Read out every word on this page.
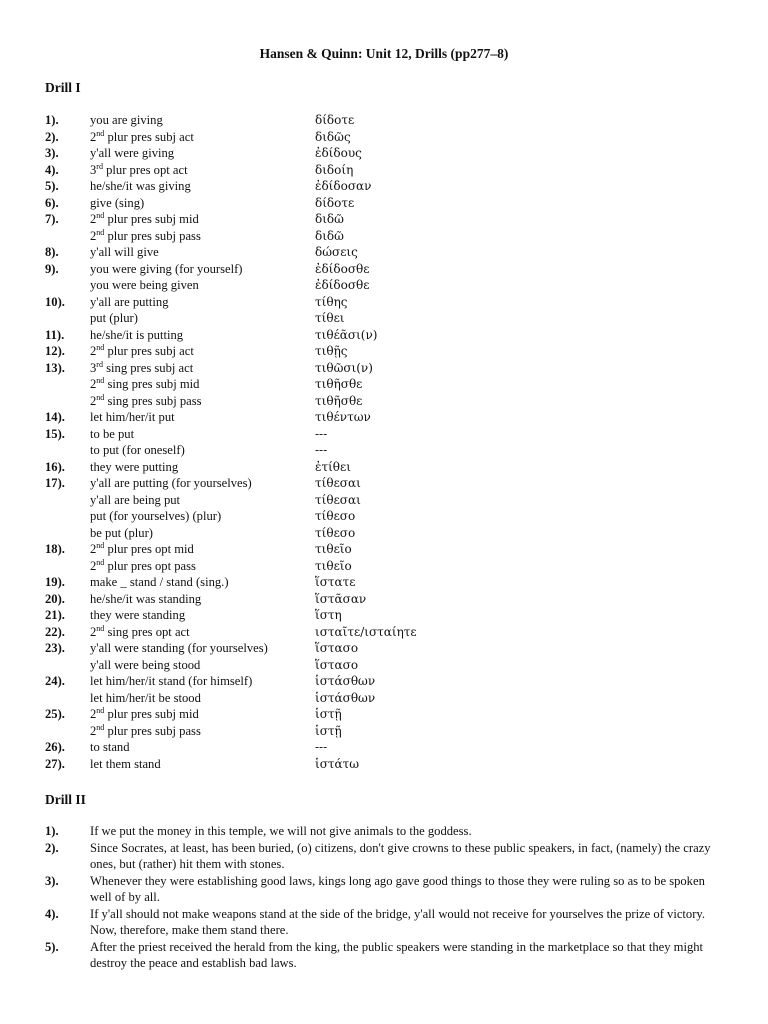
Hansen & Quinn: Unit 12, Drills (pp277–8)
Drill I
1).	you are giving	δίδοτε
2).	2nd plur pres subj act	διδῶς
3).	y'all were giving	ἐδίδους
4).	3rd plur pres opt act	διδοίη
5).	he/she/it was giving	ἐδίδοσαν
6).	give (sing)	δίδοτε
7).	2nd plur pres subj mid	διδῶ
2nd plur pres subj pass	διδῶ
8).	y'all will give	δώσεις
9).	you were giving (for yourself)	ἐδίδοσθε
you were being given	ἐδίδοσθε
10).	y'all are putting	τίθης
put (plur)	τίθει
11).	he/she/it is putting	τιθέᾶσι(ν)
12).	2nd plur pres subj act	τιθῇς
13).	3rd sing pres subj act	τιθῶσι(ν)
2nd sing pres subj mid	τιθῆσθε
2nd sing pres subj pass	τιθῆσθε
14).	let him/her/it put	τιθέντων
15).	to be put	---
to put (for oneself)	---
16).	they were putting	ἐτίθει
17).	y'all are putting (for yourselves)	τίθεσαι
y'all are being put	τίθεσαι
put (for yourselves) (plur)	τίθεσο
be put (plur)	τίθεσο
18).	2nd plur pres opt mid	τιθεῖο
2nd plur pres opt pass	τιθεῖο
19).	make _ stand / stand (sing.)	ἵστατε
20).	he/she/it was standing	ἵστᾶσαν
21).	they were standing	ἵστη
22).	2nd sing pres opt act	ισταῖτε/ισταίητε
23).	y'all were standing (for yourselves)	ἵστασο
y'all were being stood	ἵστασο
24).	let him/her/it stand (for himself)	ἱστάσθων
let him/her/it be stood	ἱστάσθων
25).	2nd plur pres subj mid	ἱστῇ
2nd plur pres subj pass	ἱστῇ
26).	to stand	---
27).	let them stand	ἱστάτω
Drill II
1). If we put the money in this temple, we will not give animals to the goddess.
2). Since Socrates, at least, has been buried, (o) citizens, don't give crowns to these public speakers, in fact, (namely) the crazy ones, but (rather) hit them with stones.
3). Whenever they were establishing good laws, kings long ago gave good things to those they were ruling so as to be spoken well of by all.
4). If y'all should not make weapons stand at the side of the bridge, y'all would not receive for yourselves the prize of victory. Now, therefore, make them stand there.
5). After the priest received the herald from the king, the public speakers were standing in the marketplace so that they might destroy the peace and establish bad laws.
